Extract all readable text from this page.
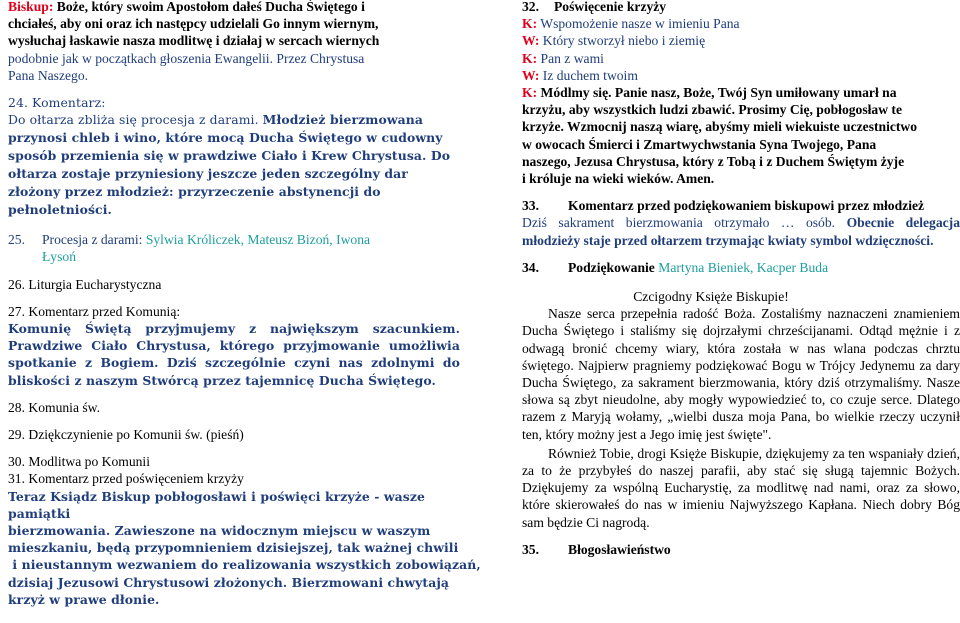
Biskup: Boże, który swoim Apostołom dałeś Ducha Świętego i

chciałeś, aby oni oraz ich następcy udzielali Go innym wiernym,

wysłuchaj łaskawie nasza modlitwę i działaj w sercach wiernych

podobnie jak w początkach głoszenia Ewangelii. Przez Chrystusa

Pana Naszego.

24. Komentarz:

Do ołtarza zbliża się procesja z darami. Młodzież bierzmowana przynosi chleb i wino, które mocą Ducha Świętego w cudowny sposób przemienia się w prawdziwe Ciało i Krew Chrystusa. Do ołtarza zostaje przyniesiony jeszcze jeden szczególny dar złożony przez młodzież: przyrzeczenie abstynencji do pełnoletniości.
25. Procesja z darami: Sylwia Króliczek, Mateusz Bizoń, Iwona
Łysoń

26. Liturgia Eucharystyczna

27. Komentarz przed Komunią:

Komunię Świętą przyjmujemy z największym szacunkiem. Prawdziwe Ciało Chrystusa, którego przyjmowanie umożliwia spotkanie z Bogiem. Dziś szczególnie czyni nas zdolnymi do bliskości z naszym Stwórcą przez tajemnicę Ducha Świętego.

28. Komunia św.

29. Dziękczynienie po Komunii św. (pieśń)

30. Modlitwa po Komunii

31. Komentarz przed poświęceniem krzyży

Teraz Ksiądz Biskup pobłogosławi i poświęci krzyże - wasze pamiątki

bierzmowania. Zawieszone na widocznym miejscu w waszym

mieszkaniu, będą przypomnieniem dzisiejszej, tak ważnej chwili

i nieustannym wezwaniem do realizowania wszystkich zobowiązań,

dzisiaj Jezusowi Chrystusowi złożonych. Bierzmowani chwytają

krzyż w prawe dłonie.

32. Poświęcenie krzyży

K: Wspomożenie nasze w imieniu Pana

W: Który stworzył niebo i ziemię

K: Pan z wami

W: Iz duchem twoim

K: Módlmy się. Panie nasz, Boże, Twój Syn umiłowany umarł na

krzyżu, aby wszystkich ludzi zbawić. Prosimy Cię, pobłogosław te

krzyże. Wzmocnij naszą wiarę, abyśmy mieli wiekuiste uczestnictwo

w owocach Śmierci i Zmartwychwstania Syna Twojego, Pana

naszego, Jezusa Chrystusa, który z Tobą i z Duchem Świętym żyje

i króluje na wieki wieków. Amen.

33. Komentarz przed podziękowaniem biskupowi przez młodzież

Dziś sakrament bierzmowania otrzymało … osób. Obecnie delegacja młodzieży staje przed ołtarzem trzymając kwiaty symbol wdzięczności.

34. Podziękowanie Martyna Bieniek, Kacper Buda

Czcigodny Księże Biskupie!

Nasze serca przepełnia radość Boża. Zostaliśmy naznaczeni znamieniem Ducha Świętego i staliśmy się dojrzałymi chrześcijanami. Odtąd mężnie i z odwagą bronić chcemy wiary, która została w nas wlana podczas chrztu świętego. Najpierw pragniemy podziękować Bogu w Trójcy Jedynemu za dary Ducha Świętego, za sakrament bierzmowania, który dziś otrzymaliśmy. Nasze słowa są zbyt nieudolne, aby mogły wypowiedzieć to, co czuje serce. Dlatego razem z Maryją wołamy, „wielbi dusza moja Pana, bo wielkie rzeczy uczynił ten, który możny jest a Jego imię jest święte".

Również Tobie, drogi Księże Biskupie, dziękujemy za ten wspaniały dzień, za to że przybyłeś do naszej parafii, aby stać się sługą tajemnic Bożych. Dziękujemy za wspólną Eucharystię, za modlitwę nad nami, oraz za słowo, które skierowałeś do nas w imieniu Najwyższego Kapłana. Niech dobry Bóg sam będzie Ci nagrodą.

35. Błogosławieństwo
